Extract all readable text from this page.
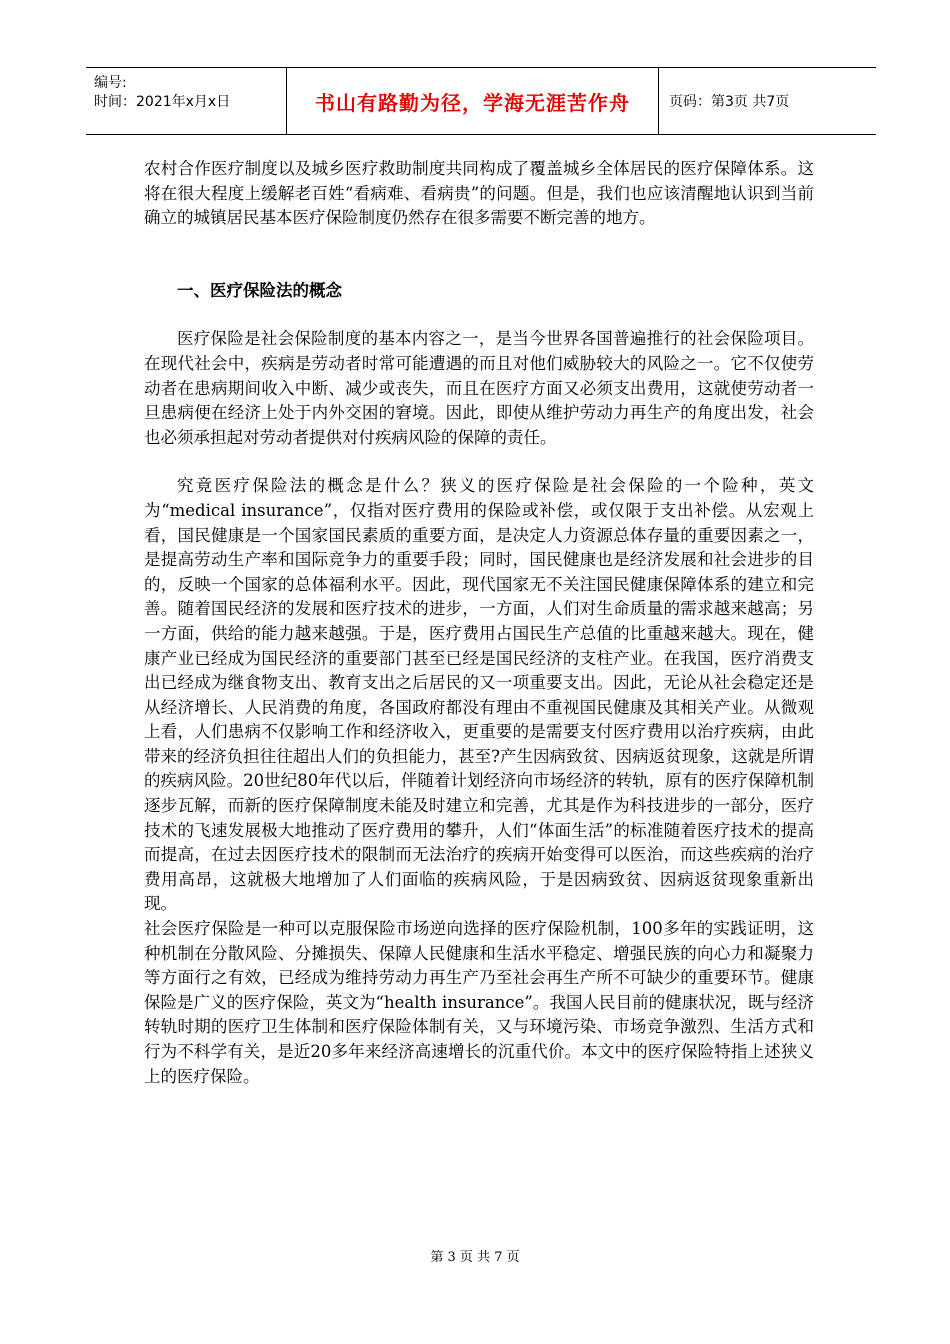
编号:
时间：2021年x月x日	书山有路勤为径，学海无涯苦作舟	页码：第3页 共7页

农村合作医疗制度以及城乡医疗救助制度共同构成了覆盖城乡全体居民的医疗保障体系。这将在很大程度上缓解老百姓“看病难、看病贵”的问题。但是，我们也应该清醒地认识到当前确立的城镇居民基本医疗保险制度仍然存在很多需要不断完善的地方。

一、医疗保险法的概念

医疗保险是社会保险制度的基本内容之一，是当今世界各国普遍推行的社会保险项目。在现代社会中，疾病是劳动者时常可能遭遇的而且对他们威胁较大的风险之一。它不仅使劳动者在患病期间收入中断、减少或丧失，而且在医疗方面又必须支出费用，这就使劳动者一旦患病便在经济上处于内外交困的窘境。因此，即使从维护劳动力再生产的角度出发，社会也必须承担起对劳动者提供对付疾病风险的保障的责任。

究竟医疗保险法的概念是什么？狭义的医疗保险是社会保险的一个险种，英文为“medical insurance”，仅指对医疗费用的保险或补偿，或仅限于支出补偿。从宏观上看，国民健康是一个国家国民素质的重要方面，是决定人力资源总体存量的重要因素之一，是提高劳动生产率和国际竞争力的重要手段；同时，国民健康也是经济发展和社会进步的目的，反映一个国家的总体福利水平。因此，现代国家无不关注国民健康保障体系的建立和完善。随着国民经济的发展和医疗技术的进步，一方面，人们对生命质量的需求越来越高；另一方面，供给的能力越来越强。于是，医疗费用占国民生产总值的比重越来越大。现在，健康产业已经成为国民经济的重要部门甚至已经是国民经济的支柱产业。在我国，医疗消费支出已经成为继食物支出、教育支出之后居民的又一项重要支出。因此，无论从社会稳定还是从经济增长、人民消费的角度，各国政府都没有理由不重视国民健康及其相关产业。从微观上看，人们患病不仅影响工作和经济收入，更重要的是需要支付医疗费用以治疗疾病，由此带来的经济负担往往超出人们的负担能力，甚至?产生因病致贫、因病返贫现象，这就是所谓的疾病风险。20世纪80年代以后，伴随着计划经济向市场经济的转轨，原有的医疗保障机制逐步瓦解，而新的医疗保障制度未能及时建立和完善，尤其是作为科技进步的一部分，医疗技术的飞速发展极大地推动了医疗费用的攀升，人们“体面生活”的标准随着医疗技术的提高而提高，在过去因医疗技术的限制而无法治疗的疾病开始变得可以医治，而这些疾病的治疗费用高昂，这就极大地增加了人们面临的疾病风险，于是因病致贫、因病返贫现象重新出现。

社会医疗保险是一种可以克服保险市场逆向选择的医疗保险机制，100多年的实践证明，这种机制在分散风险、分摊损失、保障人民健康和生活水平稳定、增强民族的向心力和凝聚力等方面行之有效，已经成为维持劳动力再生产乃至社会再生产所不可缺少的重要环节。健康保险是广义的医疗保险，英文为“health insurance”。我国人民目前的健康状况，既与经济转轨时期的医疗卫生体制和医疗保险体制有关，又与环境污染、市场竞争激烈、生活方式和行为不科学有关，是近20多年来经济高速增长的沉重代价。本文中的医疗保险特指上述狭义上的医疗保险。

第 3 页 共 7 页
